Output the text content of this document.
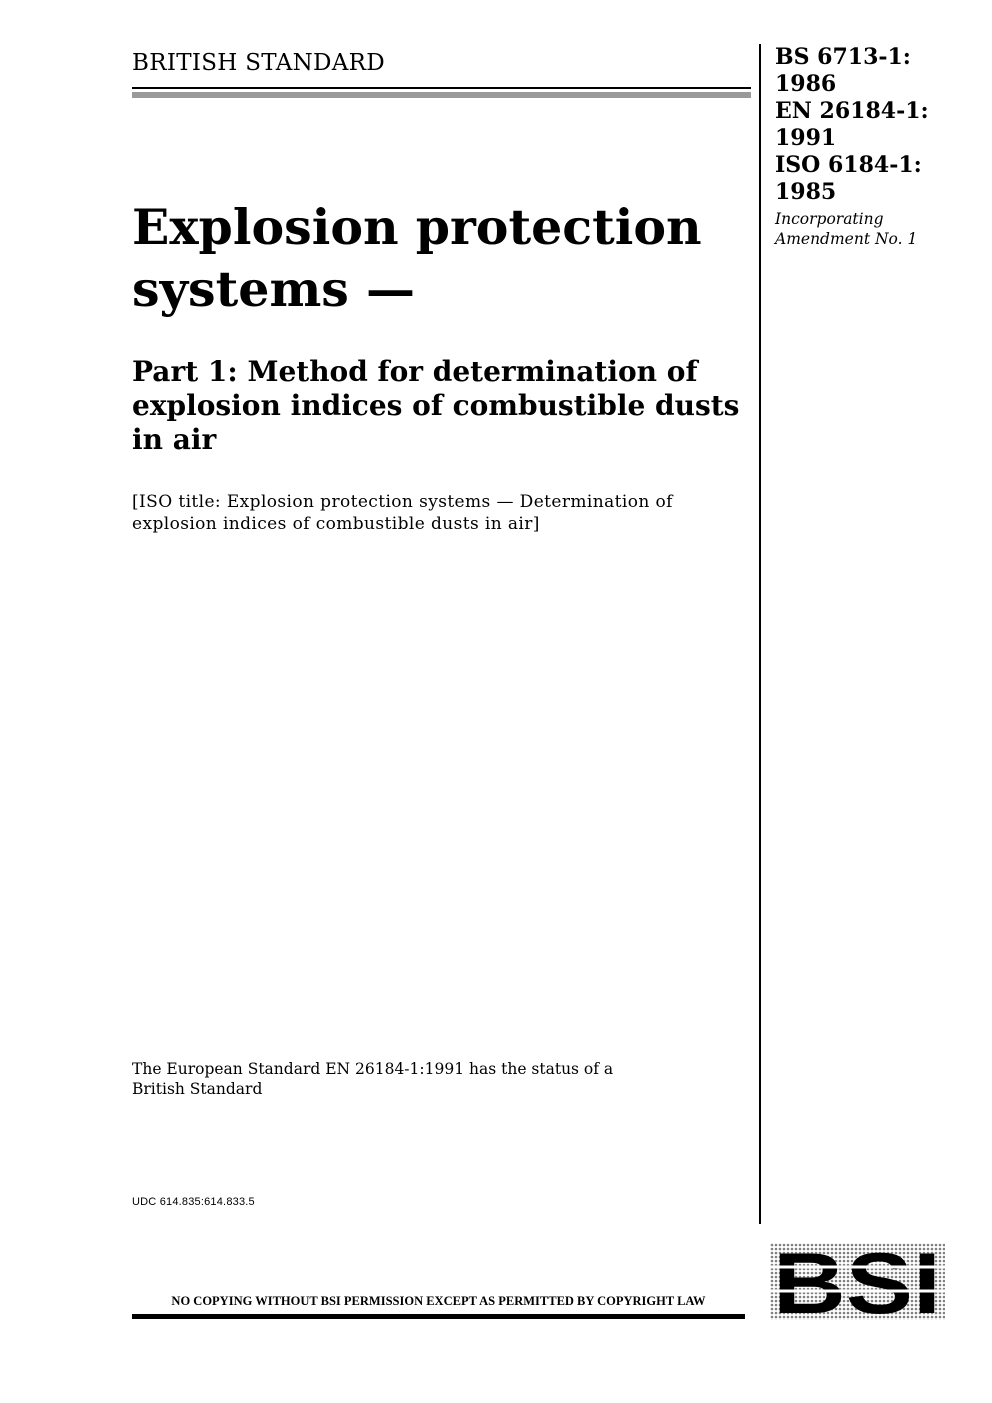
BRITISH STANDARD	BS 6713-1:
1986
EN 26184-1:
1991
ISO 6184-1:
1985
Incorporating
Amendment No. 1
Explosion protection
systems —
Part 1: Method for determination of
explosion indices of combustible dusts
in air

[ISO title: Explosion protection systems — Determination of
explosion indices of combustible dusts in air]

The European Standard EN 26184-1:1991 has the status of a
British Standard

UDC 614.835:614.833.5
NO COPYING WITHOUT BSI PERMISSION EXCEPT AS PERMITTED BY COPYRIGHT LAW BSI
